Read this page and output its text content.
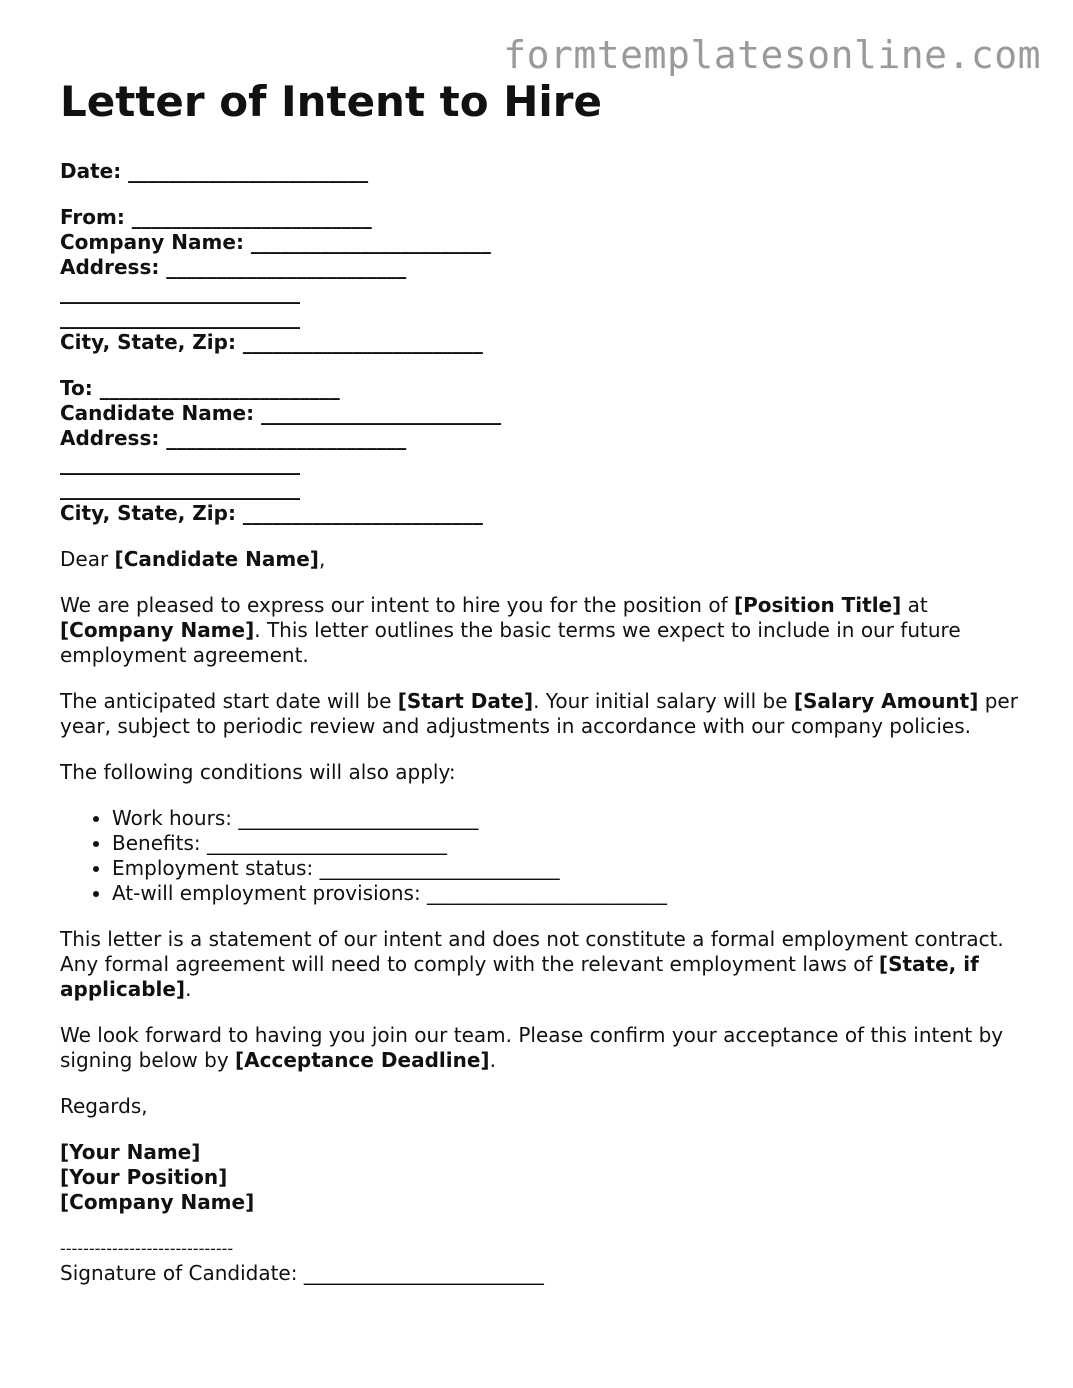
formtemplatesonline.com
Letter of Intent to Hire

Date: ________________________

From: ________________________

Company Name: ________________________

Address: ________________________

________________________

________________________

City, State, Zip: ________________________

To: ________________________

Candidate Name: ________________________

Address: ________________________

________________________

________________________

City, State, Zip: ________________________

Dear [Candidate Name],

We are pleased to express our intent to hire you for the position of [Position Title] at [Company Name]. This letter outlines the basic terms we expect to include in our future employment agreement.

The anticipated start date will be [Start Date]. Your initial salary will be [Salary Amount] per year, subject to periodic review and adjustments in accordance with our company policies.

The following conditions will also apply:

• Work hours: ________________________
• Benefits: ________________________
• Employment status: ________________________
• At-will employment provisions: ________________________

This letter is a statement of our intent and does not constitute a formal employment contract. Any formal agreement will need to comply with the relevant employment laws of [State, if applicable].

We look forward to having you join our team. Please confirm your acceptance of this intent by signing below by [Acceptance Deadline].

Regards,

[Your Name]

[Your Position]

[Company Name]

------------------------------

Signature of Candidate: ________________________
